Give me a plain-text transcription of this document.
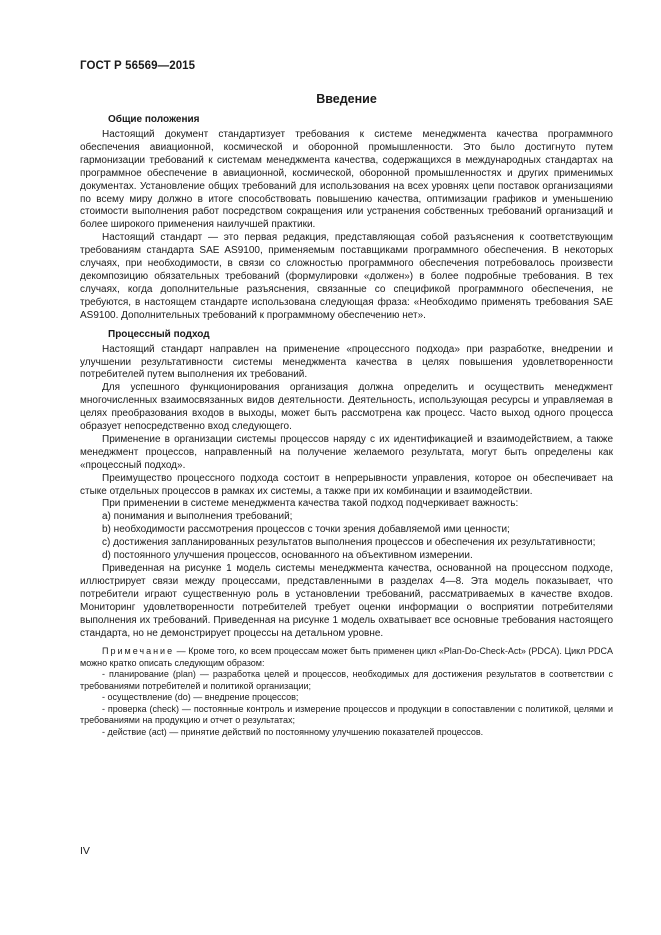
ГОСТ Р 56569—2015
Введение
Общие положения

Настоящий документ стандартизует требования к системе менеджмента качества программного обеспечения авиационной, космической и оборонной промышленности. Это было достигнуто путем гармонизации требований к системам менеджмента качества, содержащихся в международных стандартах на программное обеспечение в авиационной, космической, оборонной промышленностях и других применимых документах. Установление общих требований для использования на всех уровнях цепи поставок организациями по всему миру должно в итоге способствовать повышению качества, оптимизации графиков и уменьшению стоимости выполнения работ посредством сокращения или устранения собственных требований организаций и более широкого применения наилучшей практики.

Настоящий стандарт — это первая редакция, представляющая собой разъяснения к соответствующим требованиям стандарта SAE AS9100, применяемым поставщиками программного обеспечения. В некоторых случаях, при необходимости, в связи со сложностью программного обеспечения потребовалось произвести декомпозицию обязательных требований (формулировки «должен») в более подробные требования. В тех случаях, когда дополнительные разъяснения, связанные со спецификой программного обеспечения, не требуются, в настоящем стандарте использована следующая фраза: «Необходимо применять требования SAE AS9100. Дополнительных требований к программному обеспечению нет».

Процессный подход

Настоящий стандарт направлен на применение «процессного подхода» при разработке, внедрении и улучшении результативности системы менеджмента качества в целях повышения удовлетворенности потребителей путем выполнения их требований.

Для успешного функционирования организация должна определить и осуществить менеджмент многочисленных взаимосвязанных видов деятельности. Деятельность, использующая ресурсы и управляемая в целях преобразования входов в выходы, может быть рассмотрена как процесс. Часто выход одного процесса образует непосредственно вход следующего.

Применение в организации системы процессов наряду с их идентификацией и взаимодействием, а также менеджмент процессов, направленный на получение желаемого результата, могут быть определены как «процессный подход».

Преимущество процессного подхода состоит в непрерывности управления, которое он обеспечивает на стыке отдельных процессов в рамках их системы, а также при их комбинации и взаимодействии.

При применении в системе менеджмента качества такой подход подчеркивает важность:

a) понимания и выполнения требований;

b) необходимости рассмотрения процессов с точки зрения добавляемой ими ценности;

c) достижения запланированных результатов выполнения процессов и обеспечения их результативности;

d) постоянного улучшения процессов, основанного на объективном измерении.

Приведенная на рисунке 1 модель системы менеджмента качества, основанной на процессном подходе, иллюстрирует связи между процессами, представленными в разделах 4—8. Эта модель показывает, что потребители играют существенную роль в установлении требований, рассматриваемых в качестве входов. Мониторинг удовлетворенности потребителей требует оценки информации о восприятии потребителями выполнения их требований. Приведенная на рисунке 1 модель охватывает все основные требования настоящего стандарта, но не демонстрирует процессы на детальном уровне.

Примечание — Кроме того, ко всем процессам может быть применен цикл «Plan-Do-Check-Act» (PDCA). Цикл PDCA можно кратко описать следующим образом:

- планирование (plan) — разработка целей и процессов, необходимых для достижения результатов в соответствии с требованиями потребителей и политикой организации;

- осуществление (do) — внедрение процессов;

- проверка (check) — постоянные контроль и измерение процессов и продукции в сопоставлении с политикой, целями и требованиями на продукцию и отчет о результатах;

- действие (act) — принятие действий по постоянному улучшению показателей процессов.

IV
